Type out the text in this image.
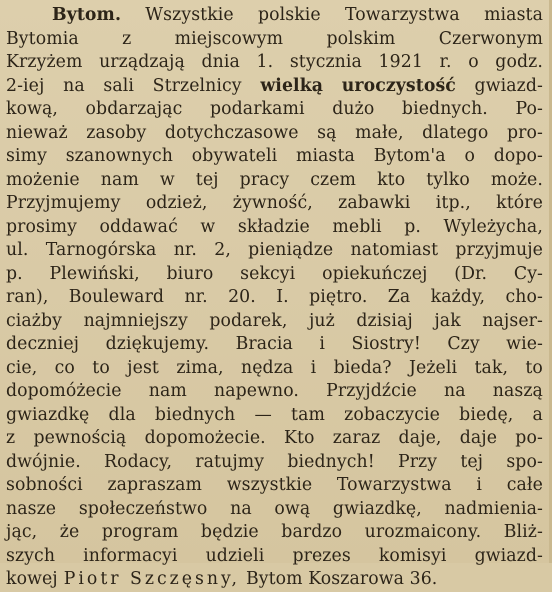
Bytom. Wszystkie polskie Towarzystwa miasta
Bytomia	z	miejscowym	polskim	Czerwonym
Krzyżem urządzają dnia 1. stycznia 1921 r. o godz.
2-iej na sali Strzelnicy wielką uroczystość gwiazd-
kową, obdarzając podarkami dużo biednych. Po-
nieważ zasoby dotychczasowe są małe, dlatego pro-
simy szanownych obywateli miasta Bytom'a o dopo-
możenie nam w tej pracy czem kto tylko może.
Przyjmujemy odzież, żywność, zabawki itp., które
prosimy oddawać w składzie mebli p. Wyleżycha,
ul. Tarnogórska nr. 2, pieniądze natomiast przyjmuje
p. Plewiński, biuro sekcyi opiekuńczej (Dr. Cy-
ran), Bouleward nr. 20. I. piętro. Za każdy, cho-
ciażby najmniejszy podarek, już dzisiaj jak najser-
deczniej dziękujemy. Bracia i Siostry! Czy wie-
cie, co to jest zima, nędza i bieda? Jeżeli tak, to
dopomóżecie nam napewno. Przyjdźcie na naszą
gwiazdkę dla biednych — tam zobaczycie biedę, a
z pewnością dopomożecie. Kto zaraz daje, daje po-
dwójnie. Rodacy, ratujmy biednych! Przy tej spo-
sobności zapraszam wszystkie Towarzystwa i całe
nasze społeczeństwo na ową gwiazdkę, nadmienia-
jąc, że program będzie bardzo urozmaicony. Bliż-
szych informacyi udzieli prezes komisyi gwiazd-
kowej Piotr Szczęsny, Bytom Koszarowa 36.
